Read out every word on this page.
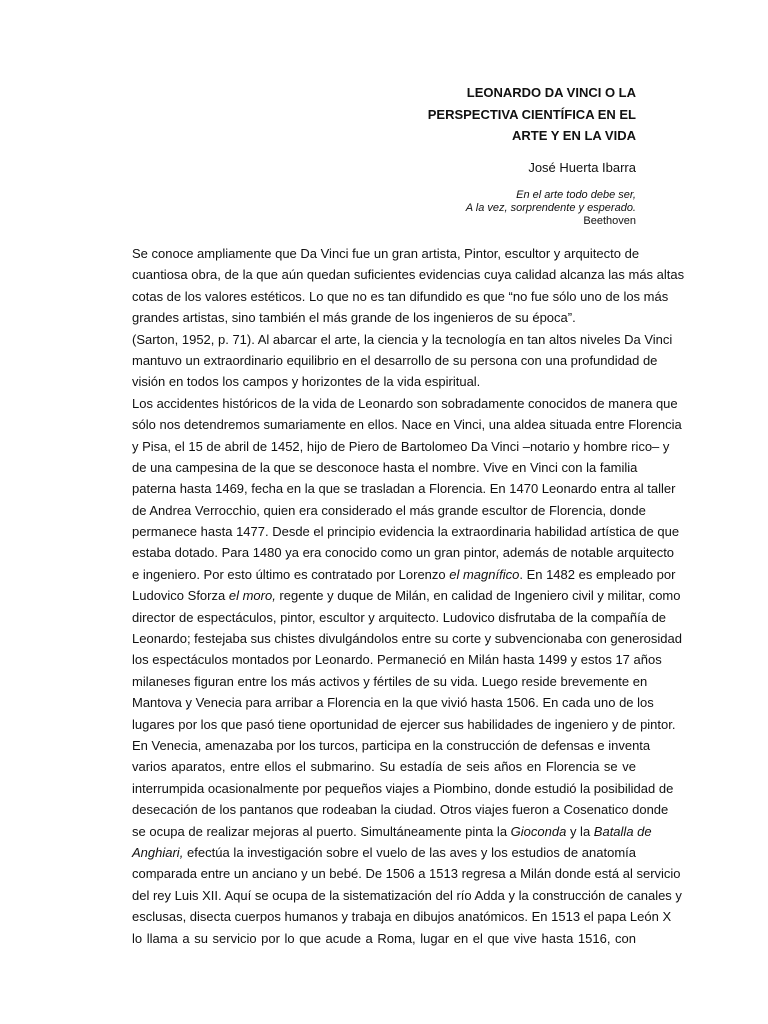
LEONARDO DA VINCI O LA
PERSPECTIVA CIENTÍFICA EN EL
ARTE Y EN LA VIDA
José Huerta Ibarra
En el arte todo debe ser,
A la vez, sorprendente y esperado.
Beethoven
Se conoce ampliamente que Da Vinci fue un gran artista, Pintor, escultor y arquitecto de
cuantiosa obra, de la que aún quedan suficientes evidencias cuya calidad alcanza las más altas
cotas de los valores estéticos. Lo que no es tan difundido es que “no fue sólo uno de los más
grandes artistas, sino también el más grande de los ingenieros de su época”.
(Sarton, 1952, p. 71). Al abarcar el arte, la ciencia y la tecnología en tan altos niveles Da Vinci
mantuvo un extraordinario equilibrio en el desarrollo de su persona con una profundidad de
visión en todos los campos y horizontes de la vida espiritual.
Los accidentes históricos de la vida de Leonardo son sobradamente conocidos de manera que
sólo nos detendremos sumariamente en ellos. Nace en Vinci, una aldea situada entre Florencia
y Pisa, el 15 de abril de 1452, hijo de Piero de Bartolomeo Da Vinci –notario y hombre rico– y
de una campesina de la que se desconoce hasta el nombre. Vive en Vinci con la familia
paterna hasta 1469, fecha en la que se trasladan a Florencia. En 1470 Leonardo entra al taller
de Andrea Verrocchio, quien era considerado el más grande escultor de Florencia, donde
permanece hasta 1477. Desde el principio evidencia la extraordinaria habilidad artística de que
estaba dotado. Para 1480 ya era conocido como un gran pintor, además de notable arquitecto
e ingeniero. Por esto último es contratado por Lorenzo el magnífico. En 1482 es empleado por
Ludovico Sforza el moro, regente y duque de Milán, en calidad de Ingeniero civil y militar, como
director de espectáculos, pintor, escultor y arquitecto. Ludovico disfrutaba de la compañía de
Leonardo; festejaba sus chistes divulgándolos entre su corte y subvencionaba con generosidad
los espectáculos montados por Leonardo. Permaneció en Milán hasta 1499 y estos 17 años
milaneses figuran entre los más activos y fértiles de su vida. Luego reside brevemente en
Mantova y Venecia para arribar a Florencia en la que vivió hasta 1506. En cada uno de los
lugares por los que pasó tiene oportunidad de ejercer sus habilidades de ingeniero y de pintor.
En Venecia, amenazaba por los turcos, participa en la construcción de defensas e inventa
varios aparatos, entre ellos el submarino. Su estadía de seis años en Florencia se ve
interrumpida ocasionalmente por pequeños viajes a Piombino, donde estudió la posibilidad de
desecación de los pantanos que rodeaban la ciudad. Otros viajes fueron a Cosenatico donde
se ocupa de realizar mejoras al puerto. Simultáneamente pinta la Gioconda y la Batalla de
Anghiari, efectúa la investigación sobre el vuelo de las aves y los estudios de anatomía
comparada entre un anciano y un bebé. De 1506 a 1513 regresa a Milán donde está al servicio
del rey Luis XII. Aquí se ocupa de la sistematización del río Adda y la construcción de canales y
esclusas, disecta cuerpos humanos y trabaja en dibujos anatómicos. En 1513 el papa León X
lo llama a su servicio por lo que acude a Roma, lugar en el que vive hasta 1516, con
